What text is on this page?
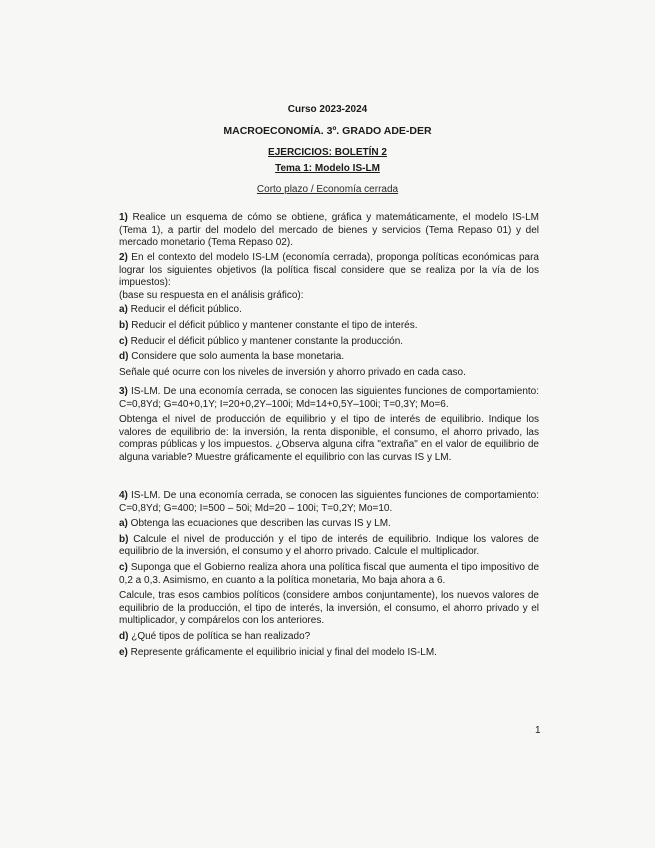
Curso 2023-2024
MACROECONOMÍA. 3º. GRADO ADE-DER
EJERCICIOS: BOLETÍN 2
Tema 1: Modelo IS-LM
Corto plazo / Economía cerrada

1) Realice un esquema de cómo se obtiene, gráfica y matemáticamente, el modelo IS-LM (Tema 1), a partir del modelo del mercado de bienes y servicios (Tema Repaso 01) y del mercado monetario (Tema Repaso 02).

2) En el contexto del modelo IS-LM (economía cerrada), proponga políticas económicas para lograr los siguientes objetivos (la política fiscal considere que se realiza por la vía de los impuestos):

(base su respuesta en el análisis gráfico):

a) Reducir el déficit público.

b) Reducir el déficit público y mantener constante el tipo de interés.

c) Reducir el déficit público y mantener constante la producción.

d) Considere que solo aumenta la base monetaria.

Señale qué ocurre con los niveles de inversión y ahorro privado en cada caso.

3) IS-LM. De una economía cerrada, se conocen las siguientes funciones de comportamiento: C=0,8Yd; G=40+0,1Y; I=20+0,2Y–100i; Md=14+0,5Y–100i; T=0,3Y; Mo=6.

Obtenga el nivel de producción de equilibrio y el tipo de interés de equilibrio. Indique los valores de equilibrio de: la inversión, la renta disponible, el consumo, el ahorro privado, las compras públicas y los impuestos. ¿Observa alguna cifra "extraña" en el valor de equilibrio de alguna variable? Muestre gráficamente el equilibrio con las curvas IS y LM.

4) IS-LM. De una economía cerrada, se conocen las siguientes funciones de comportamiento: C=0,8Yd; G=400; I=500 – 50i; Md=20 – 100i; T=0,2Y; Mo=10.

a) Obtenga las ecuaciones que describen las curvas IS y LM.

b) Calcule el nivel de producción y el tipo de interés de equilibrio. Indique los valores de equilibrio de la inversión, el consumo y el ahorro privado. Calcule el multiplicador.

c) Suponga que el Gobierno realiza ahora una política fiscal que aumenta el tipo impositivo de 0,2 a 0,3. Asimismo, en cuanto a la política monetaria, Mo baja ahora a 6.

Calcule, tras esos cambios políticos (considere ambos conjuntamente), los nuevos valores de equilibrio de la producción, el tipo de interés, la inversión, el consumo, el ahorro privado y el multiplicador, y compárelos con los anteriores.

d) ¿Qué tipos de política se han realizado?

e) Represente gráficamente el equilibrio inicial y final del modelo IS-LM.

1
